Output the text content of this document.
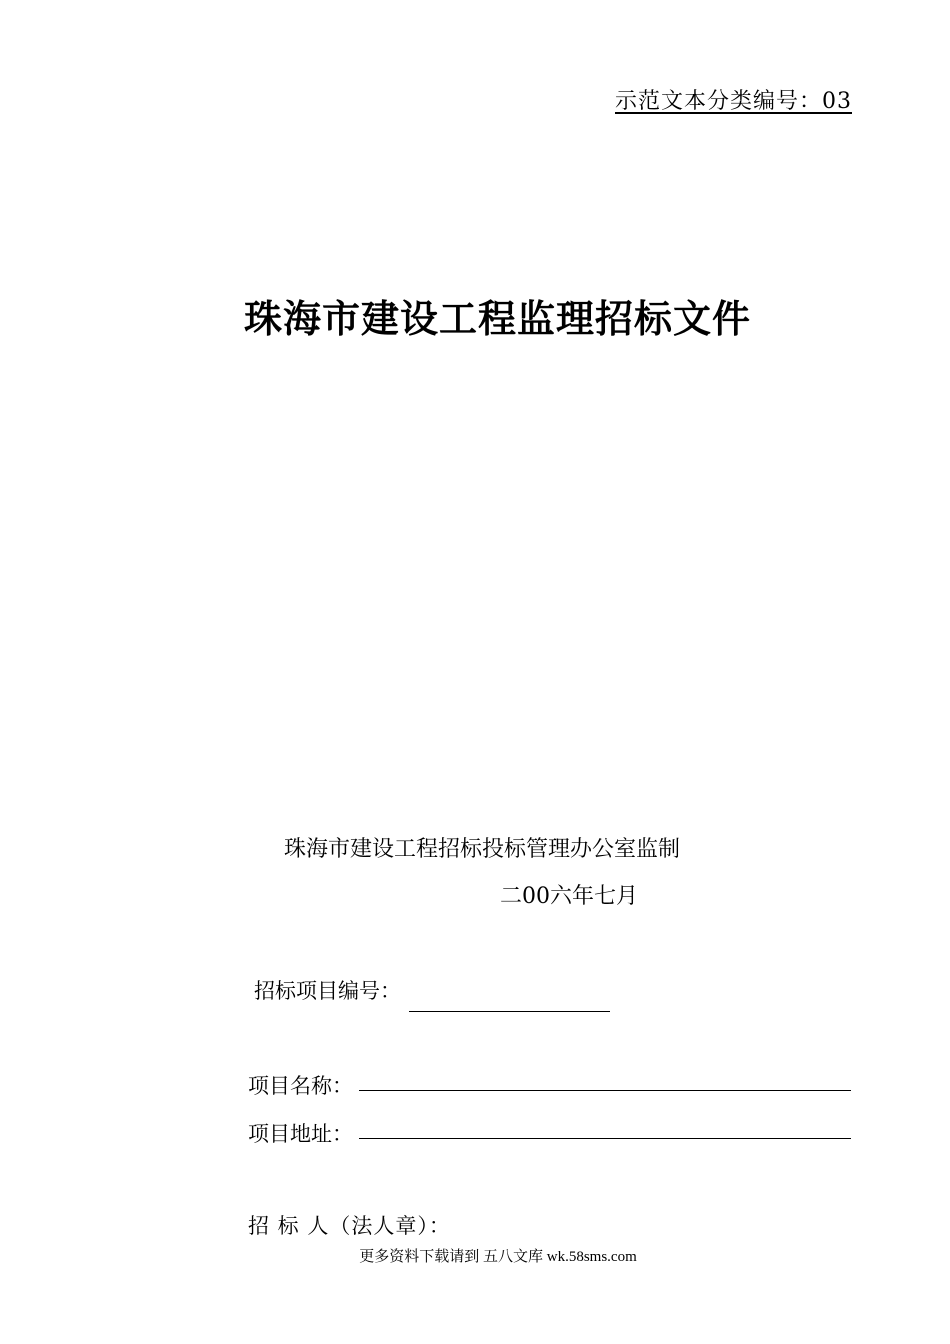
示范文本分类编号：03
珠海市建设工程监理招标文件
珠海市建设工程招标投标管理办公室监制
二00六年七月
招标项目编号：
项目名称：
项目地址：
招 标 人（法人章）：
更多资料下载请到 五八文库 wk.58sms.com
